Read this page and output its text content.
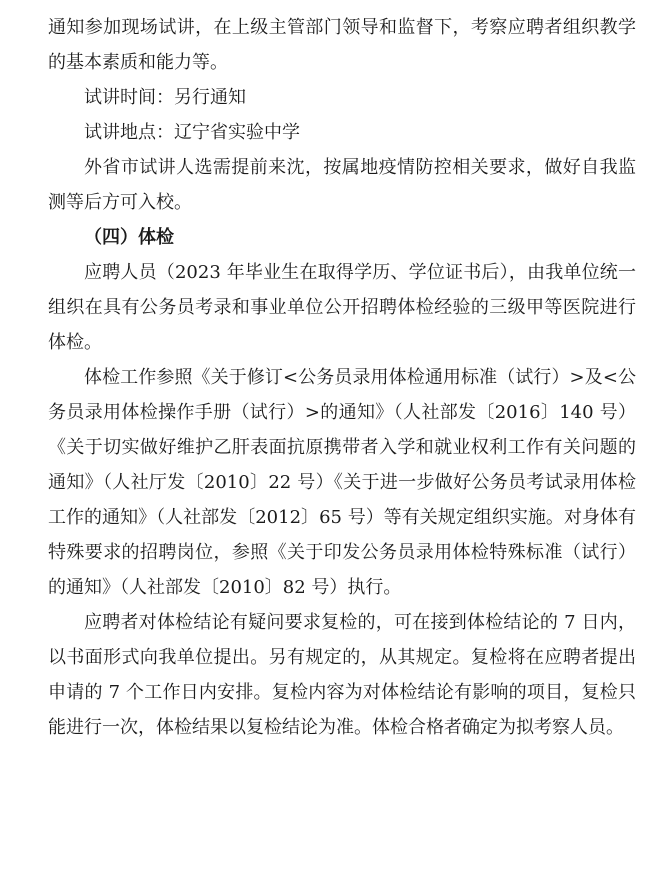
通知参加现场试讲，在上级主管部门领导和监督下，考察应聘者组织教学的基本素质和能力等。

试讲时间：另行通知

试讲地点：辽宁省实验中学

外省市试讲人选需提前来沈，按属地疫情防控相关要求，做好自我监测等后方可入校。

（四）体检

应聘人员（2023 年毕业生在取得学历、学位证书后），由我单位统一组织在具有公务员考录和事业单位公开招聘体检经验的三级甲等医院进行体检。

体检工作参照《关于修订<公务员录用体检通用标准（试行）>及<公务员录用体检操作手册（试行）>的通知》（人社部发〔2016〕140 号）《关于切实做好维护乙肝表面抗原携带者入学和就业权利工作有关问题的通知》（人社厅发〔2010〕22 号）《关于进一步做好公务员考试录用体检工作的通知》（人社部发〔2012〕65 号）等有关规定组织实施。对身体有特殊要求的招聘岗位，参照《关于印发公务员录用体检特殊标准（试行）的通知》（人社部发〔2010〕82 号）执行。

应聘者对体检结论有疑问要求复检的，可在接到体检结论的 7 日内，以书面形式向我单位提出。另有规定的，从其规定。复检将在应聘者提出申请的 7 个工作日内安排。复检内容为对体检结论有影响的项目，复检只能进行一次，体检结果以复检结论为准。体检合格者确定为拟考察人员。
